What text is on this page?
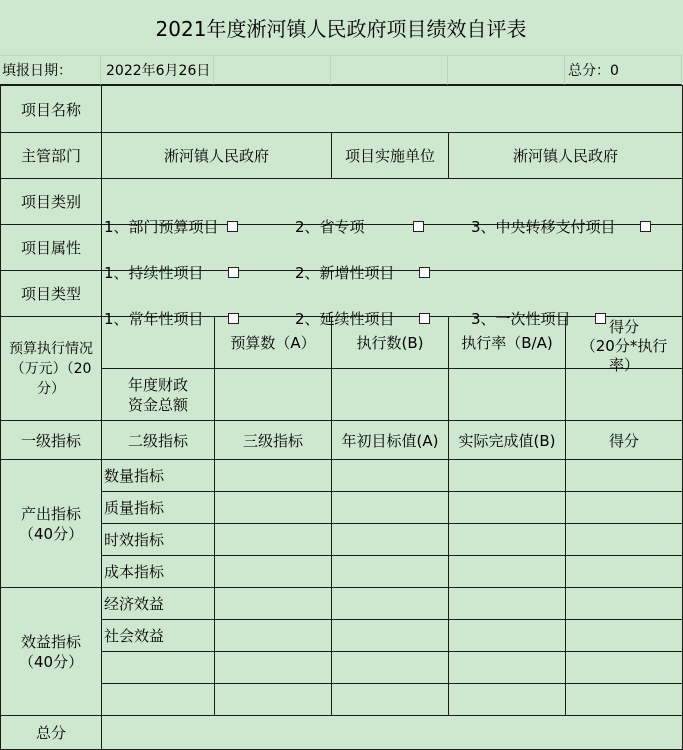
2021年度淅河镇人民政府项目绩效自评表
填报日期：	2022年6月26日	总分：0
项目名称					
主管部门	淅河镇人民政府		项目实施单位	淅河镇人民政府	
项目类别	1、部门预算项目 2、省专项 3、中央转移支付项目				

项目属性	1、持续性项目 2、新增性项目				

项目类型	1、常年性项目 2、延续性项目 3、一次性项目				

预算执行情况（万元）（20分）		预算数（A）	执行数(B)	执行率（B/A)	得分
（20分*执行
率）

	年度财政资金总额				
一级指标	二级指标	三级指标	年初目标值(A)	实际完成值(B)	得分
产出指标（40分）	数量指标				
	质量指标				
	时效指标				
	成本指标				
效益指标（40分）	经济效益				
	社会效益				

总分					
